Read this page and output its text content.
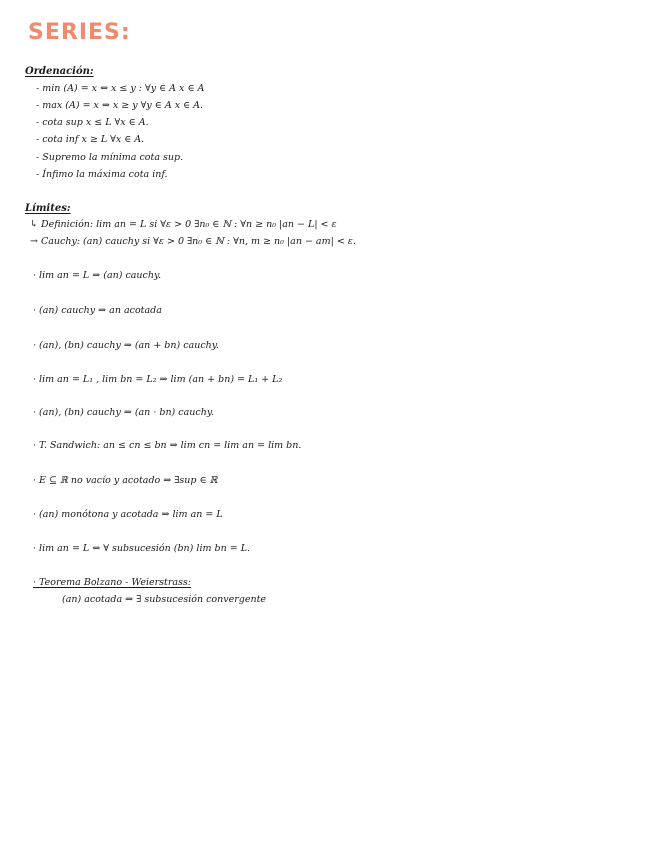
SERIES:
Ordenación:
- min (A) = x ⇔ x ≤ y : ∀y ∈ A x ∈ A
- max (A) = x ⇔ x ≥ y ∀y ∈ A x ∈ A.
- cota sup x ≤ L ∀x ∈ A.
- cota inf x ≥ L ∀x ∈ A.
- Supremo la mínima cota sup.
- Ínfimo la máxima cota inf.
Límites:
↳ Definición: lim an = L si ∀ε > 0 ∃n₀ ∈ ℕ : ∀n ≥ n₀ |an − L| < ε
→ Cauchy: (an) cauchy si ∀ε > 0 ∃n₀ ∈ ℕ : ∀n, m ≥ n₀ |an − am| < ε.
· lim an = L ⇒ (an) cauchy.
· (an) cauchy ⇒ an acotada
· (an), (bn) cauchy ⇒ (an + bn) cauchy.
· lim an = L₁ , lim bn = L₂ ⇒ lim (an + bn) = L₁ + L₂
· (an), (bn) cauchy ⇒ (an · bn) cauchy.
· T. Sandwich: an ≤ cn ≤ bn ⇒ lim cn = lim an = lim bn.
· E ⊆ ℝ no vacío y acotado ⇒ ∃sup ∈ ℝ
· (an) monótona y acotada ⇒ lim an = L
· lim an = L ⇔ ∀ subsucesión (bn) lim bn = L.
· Teorema Bolzano - Weierstrass:
(an) acotada ⇒ ∃ subsucesión convergente
